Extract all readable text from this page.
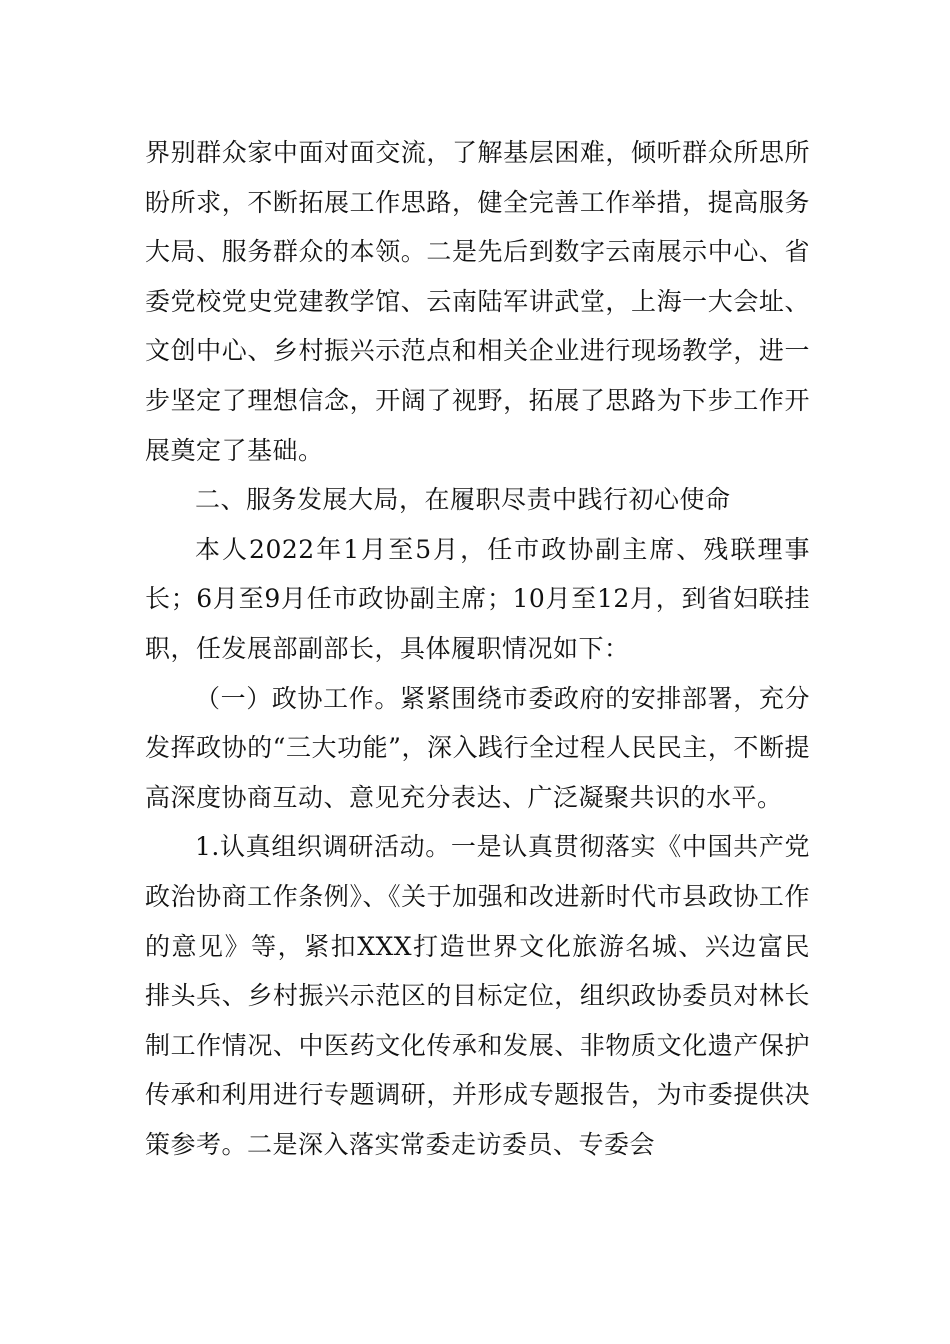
界别群众家中面对面交流，了解基层困难，倾听群众所思所盼所求，不断拓展工作思路，健全完善工作举措，提高服务大局、服务群众的本领。二是先后到数字云南展示中心、省委党校党史党建教学馆、云南陆军讲武堂，上海一大会址、文创中心、乡村振兴示范点和相关企业进行现场教学，进一步坚定了理想信念，开阔了视野，拓展了思路为下步工作开展奠定了基础。

二、服务发展大局，在履职尽责中践行初心使命

本人2022年1月至5月，任市政协副主席、残联理事长；6月至9月任市政协副主席；10月至12月，到省妇联挂职，任发展部副部长，具体履职情况如下：

（一）政协工作。紧紧围绕市委政府的安排部署，充分发挥政协的“三大功能”，深入践行全过程人民民主，不断提高深度协商互动、意见充分表达、广泛凝聚共识的水平。

1.认真组织调研活动。一是认真贯彻落实《中国共产党政治协商工作条例》、《关于加强和改进新时代市县政协工作的意见》等，紧扣XXX打造世界文化旅游名城、兴边富民排头兵、乡村振兴示范区的目标定位，组织政协委员对林长制工作情况、中医药文化传承和发展、非物质文化遗产保护传承和利用进行专题调研，并形成专题报告，为市委提供决策参考。二是深入落实常委走访委员、专委会
